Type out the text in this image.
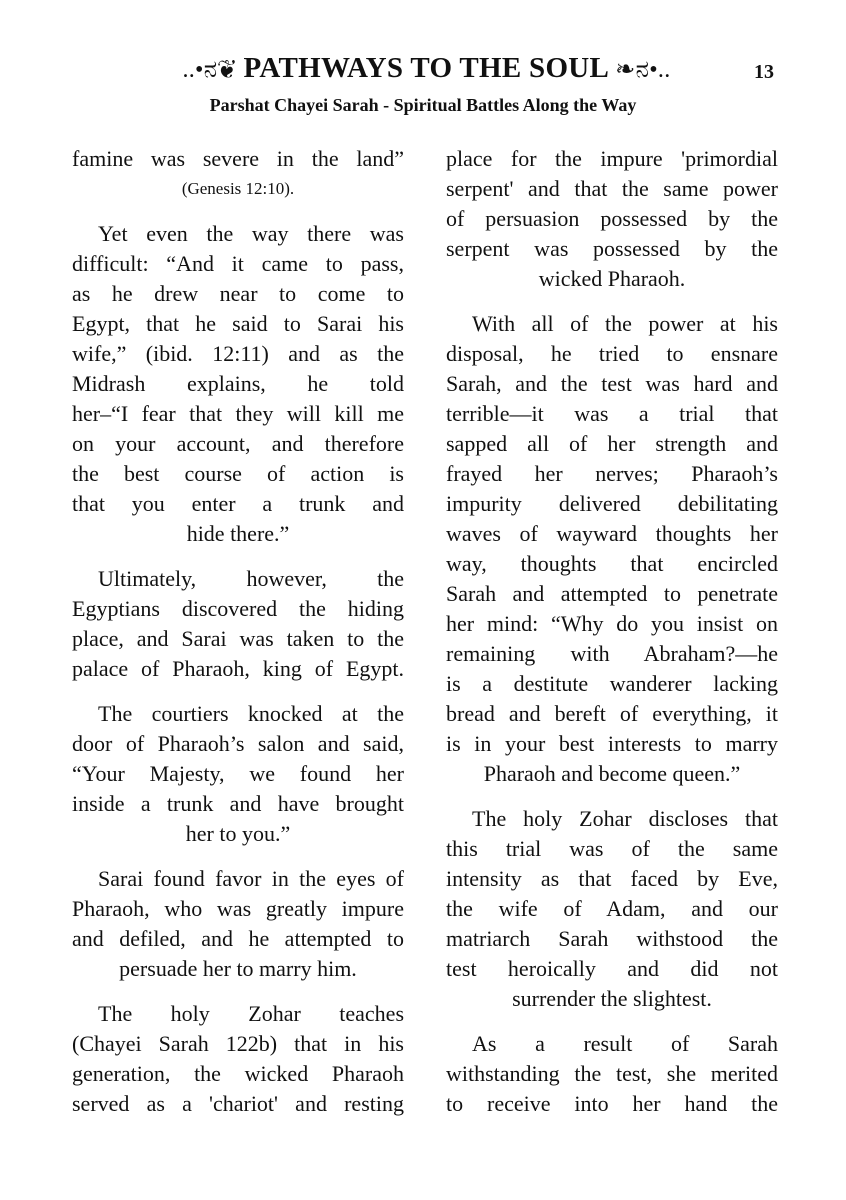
..•ನ❦ PATHWAYS TO THE SOUL ❧ನ•..	13
Parshat Chayei Sarah - Spiritual Battles Along the Way
famine was severe in the land”
(Genesis 12:10).
Yet even the way there was
difficult: “And it came to pass,
as he drew near to come to
Egypt, that he said to Sarai his
wife,” (ibid. 12:11) and as the
Midrash explains, he told
her–“I fear that they will kill me
on your account, and therefore
the best course of action is
that you enter a trunk and
hide there.”
Ultimately, however, the
Egyptians discovered the hiding
place, and Sarai was taken to the
palace of Pharaoh, king of Egypt.
The courtiers knocked at the
door of Pharaoh’s salon and said,
“Your Majesty, we found her
inside a trunk and have brought
her to you.”
Sarai found favor in the eyes of
Pharaoh, who was greatly impure
and defiled, and he attempted to
persuade her to marry him.
The holy Zohar teaches
(Chayei Sarah 122b) that in his
generation, the wicked Pharaoh
served as a 'chariot' and resting
place for the impure 'primordial
serpent' and that the same power
of persuasion possessed by the
serpent was possessed by the
wicked Pharaoh.
With all of the power at his
disposal, he tried to ensnare
Sarah, and the test was hard and
terrible—it was a trial that
sapped all of her strength and
frayed her nerves; Pharaoh’s
impurity delivered debilitating
waves of wayward thoughts her
way, thoughts that encircled
Sarah and attempted to penetrate
her mind: “Why do you insist on
remaining with Abraham?—he
is a destitute wanderer lacking
bread and bereft of everything, it
is in your best interests to marry
Pharaoh and become queen.”
The holy Zohar discloses that
this trial was of the same
intensity as that faced by Eve,
the wife of Adam, and our
matriarch Sarah withstood the
test heroically and did not
surrender the slightest.
As a result of Sarah
withstanding the test, she merited
to receive into her hand the
